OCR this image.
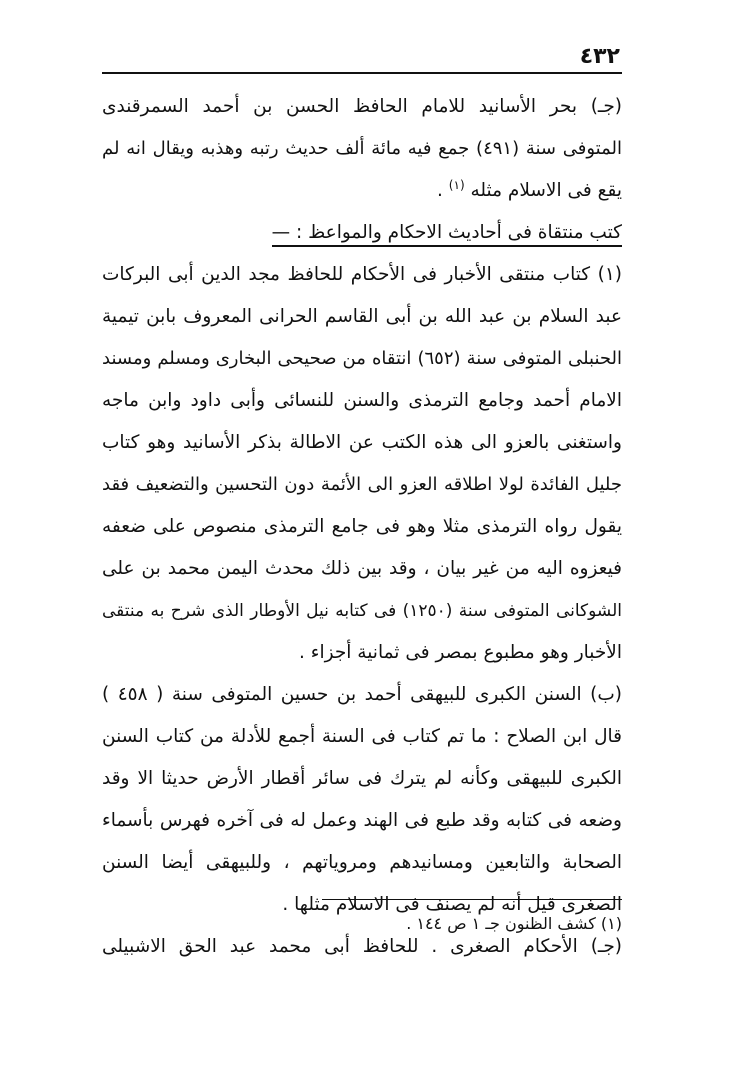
٤٣٢
(جـ) بحر الأسانيد للامام الحافظ الحسن بن أحمد السمرقندى
المتوفى سنة (٤٩١) جمع فيه مائة ألف حديث رتبه وهذبه ويقال انه لم
يقع فى الاسلام مثله $^{(١)}$ .
كتب منتقاة فى أحاديث الاحكام والمواعظ : —
(١) كتاب منتقى الأخبار فى الأحكام للحافظ مجد الدين أبى البركات
عبد السلام بن عبد الله بن أبى القاسم الحرانى المعروف بابن تيمية
الحنبلى المتوفى سنة (٦٥٢) انتقاه من صحيحى البخارى ومسلم ومسند
الامام أحمد وجامع الترمذى والسنن للنسائى وأبى داود وابن ماجه
واستغنى بالعزو الى هذه الكتب عن الاطالة بذكر الأسانيد وهو كتاب
جليل الفائدة لولا اطلاقه العزو الى الأئمة دون التحسين والتضعيف فقد
يقول رواه الترمذى مثلا وهو فى جامع الترمذى منصوص على ضعفه
فيعزوه اليه من غير بيان ، وقد بين ذلك محدث اليمن محمد بن على
الشوكانى المتوفى سنة (١٢٥٠) فى كتابه نيل الأوطار الذى شرح به منتقى
الأخبار وهو مطبوع بمصر فى ثمانية أجزاء .
(ب) السنن الكبرى للبيهقى أحمد بن حسين المتوفى سنة ( ٤٥٨ )
قال ابن الصلاح : ما تم كتاب فى السنة أجمع للأدلة من كتاب السنن
الكبرى للبيهقى وكأنه لم يترك فى سائر أقطار الأرض حديثا الا وقد
وضعه فى كتابه وقد طبع فى الهند وعمل له فى آخره فهرس بأسماء
الصحابة والتابعين ومسانيدهم ومروياتهم ، وللبيهقى أيضا السنن
الصغرى قيل أنه لم يصنف فى الاسلام مثلها .
(جـ) الأحكام الصغرى . للحافظ أبى محمد عبد الحق الاشبيلى
(١) كشف الظنون جـ ١ ص ١٤٤ .
